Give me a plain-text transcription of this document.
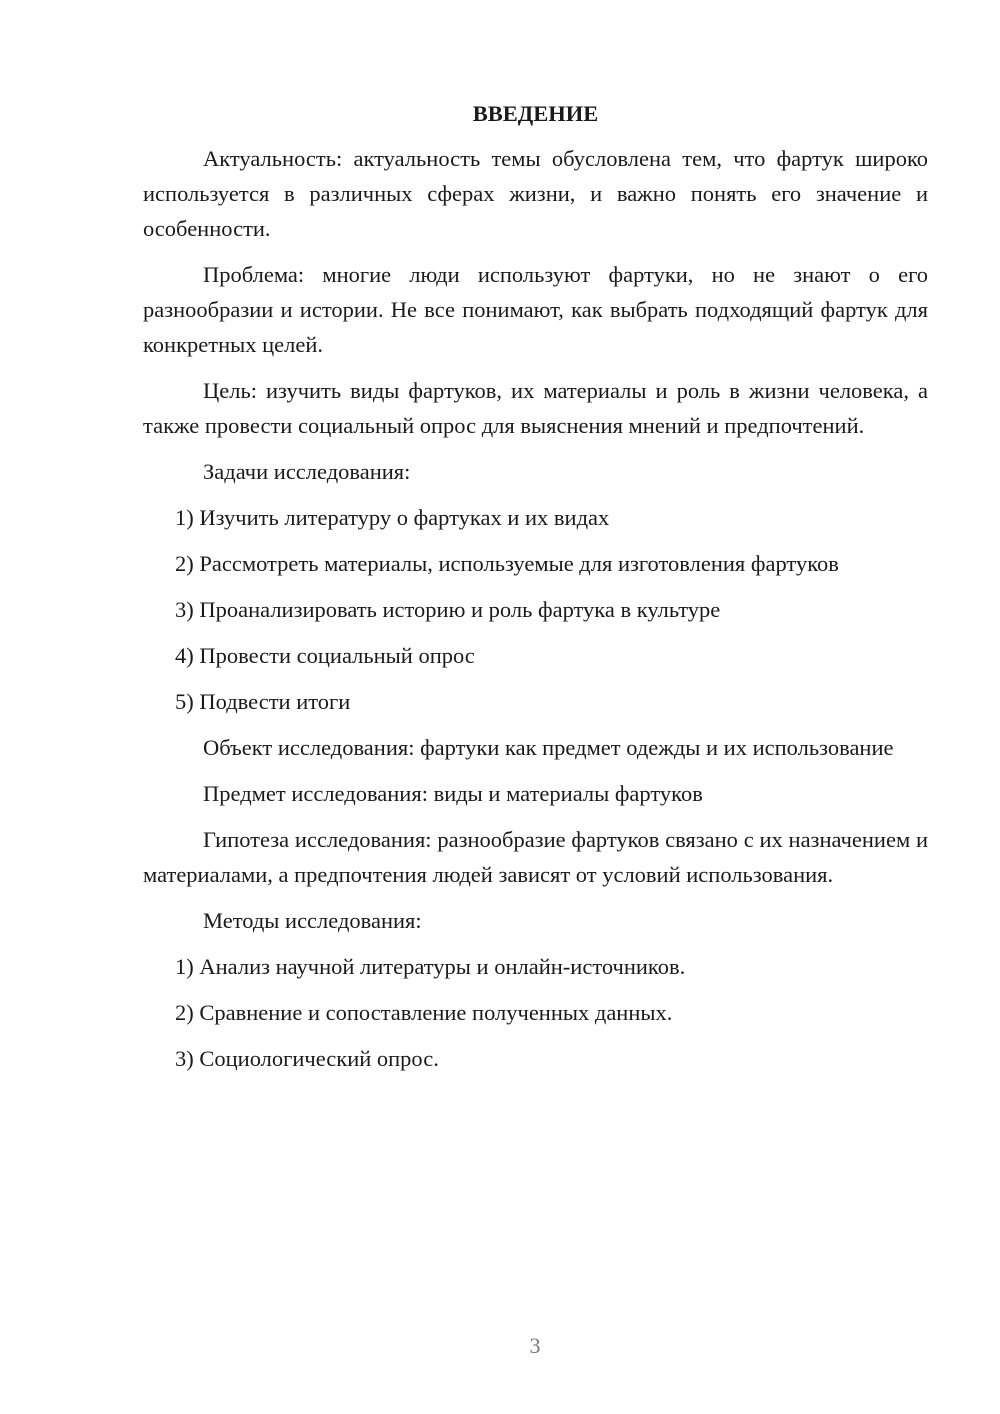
ВВЕДЕНИЕ

Актуальность: актуальность темы обусловлена тем, что фартук широко используется в различных сферах жизни, и важно понять его значение и особенности.

Проблема: многие люди используют фартуки, но не знают о его разнообразии и истории. Не все понимают, как выбрать подходящий фартук для конкретных целей.

Цель: изучить виды фартуков, их материалы и роль в жизни человека, а также провести социальный опрос для выяснения мнений и предпочтений.

Задачи исследования:
1) Изучить литературу о фартуках и их видах
2) Рассмотреть материалы, используемые для изготовления фартуков
3) Проанализировать историю и роль фартука в культуре
4) Провести социальный опрос
5) Подвести итоги

Объект исследования: фартуки как предмет одежды и их использование

Предмет исследования: виды и материалы фартуков

Гипотеза исследования: разнообразие фартуков связано с их назначением и материалами, а предпочтения людей зависят от условий использования.

Методы исследования:
1) Анализ научной литературы и онлайн-источников.
2) Сравнение и сопоставление полученных данных.
3) Социологический опрос.
3
